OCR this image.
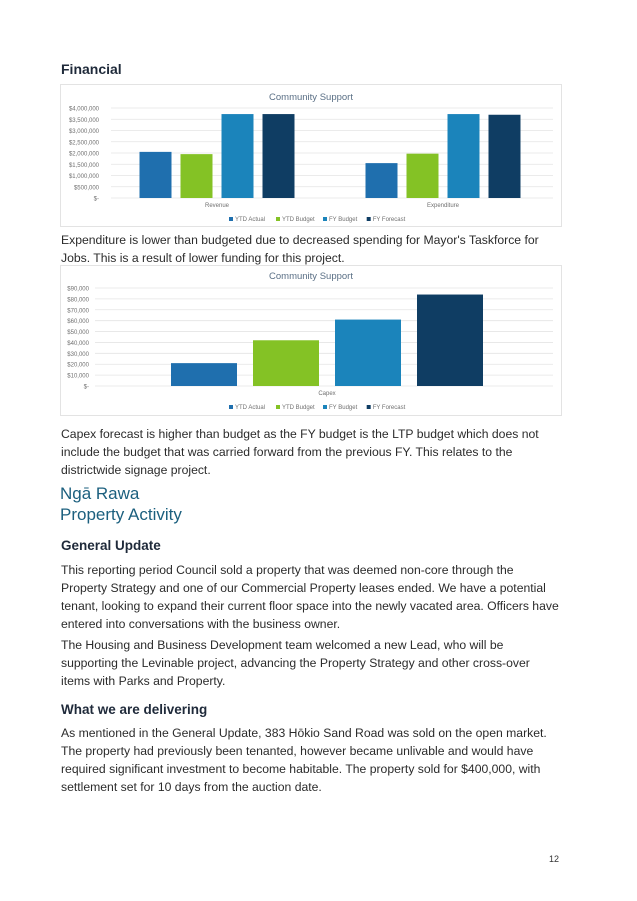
Financial
Community Support
$-
$500,000
$1,000,000
$1,500,000
$2,000,000
$2,500,000
$3,000,000
$3,500,000
$4,000,000
Revenue	Expenditure
YTD Actual	YTD Budget FY Budget	FY Forecast
Expenditure is lower than budgeted due to decreased spending for Mayor's Taskforce for Jobs. This is a result of lower funding for this project.
Community Support
$-
$10,000
$20,000
$30,000
$40,000
$50,000
$60,000
$70,000
$80,000
$90,000
Capex
YTD Actual	YTD Budget FY Budget	FY Forecast
Capex forecast is higher than budget as the FY budget is the LTP budget which does not include the budget that was carried forward from the previous FY. This relates to the districtwide signage project.
Ngā Rawa
Property Activity
General Update
This reporting period Council sold a property that was deemed non-core through the Property Strategy and one of our Commercial Property leases ended. We have a potential tenant, looking to expand their current floor space into the newly vacated area. Officers have entered into conversations with the business owner.
The Housing and Business Development team welcomed a new Lead, who will be supporting the Levinable project, advancing the Property Strategy and other cross-over items with Parks and Property.
What we are delivering
As mentioned in the General Update, 383 Hōkio Sand Road was sold on the open market. The property had previously been tenanted, however became unlivable and would have required significant investment to become habitable. The property sold for $400,000, with settlement set for 10 days from the auction date.
12
